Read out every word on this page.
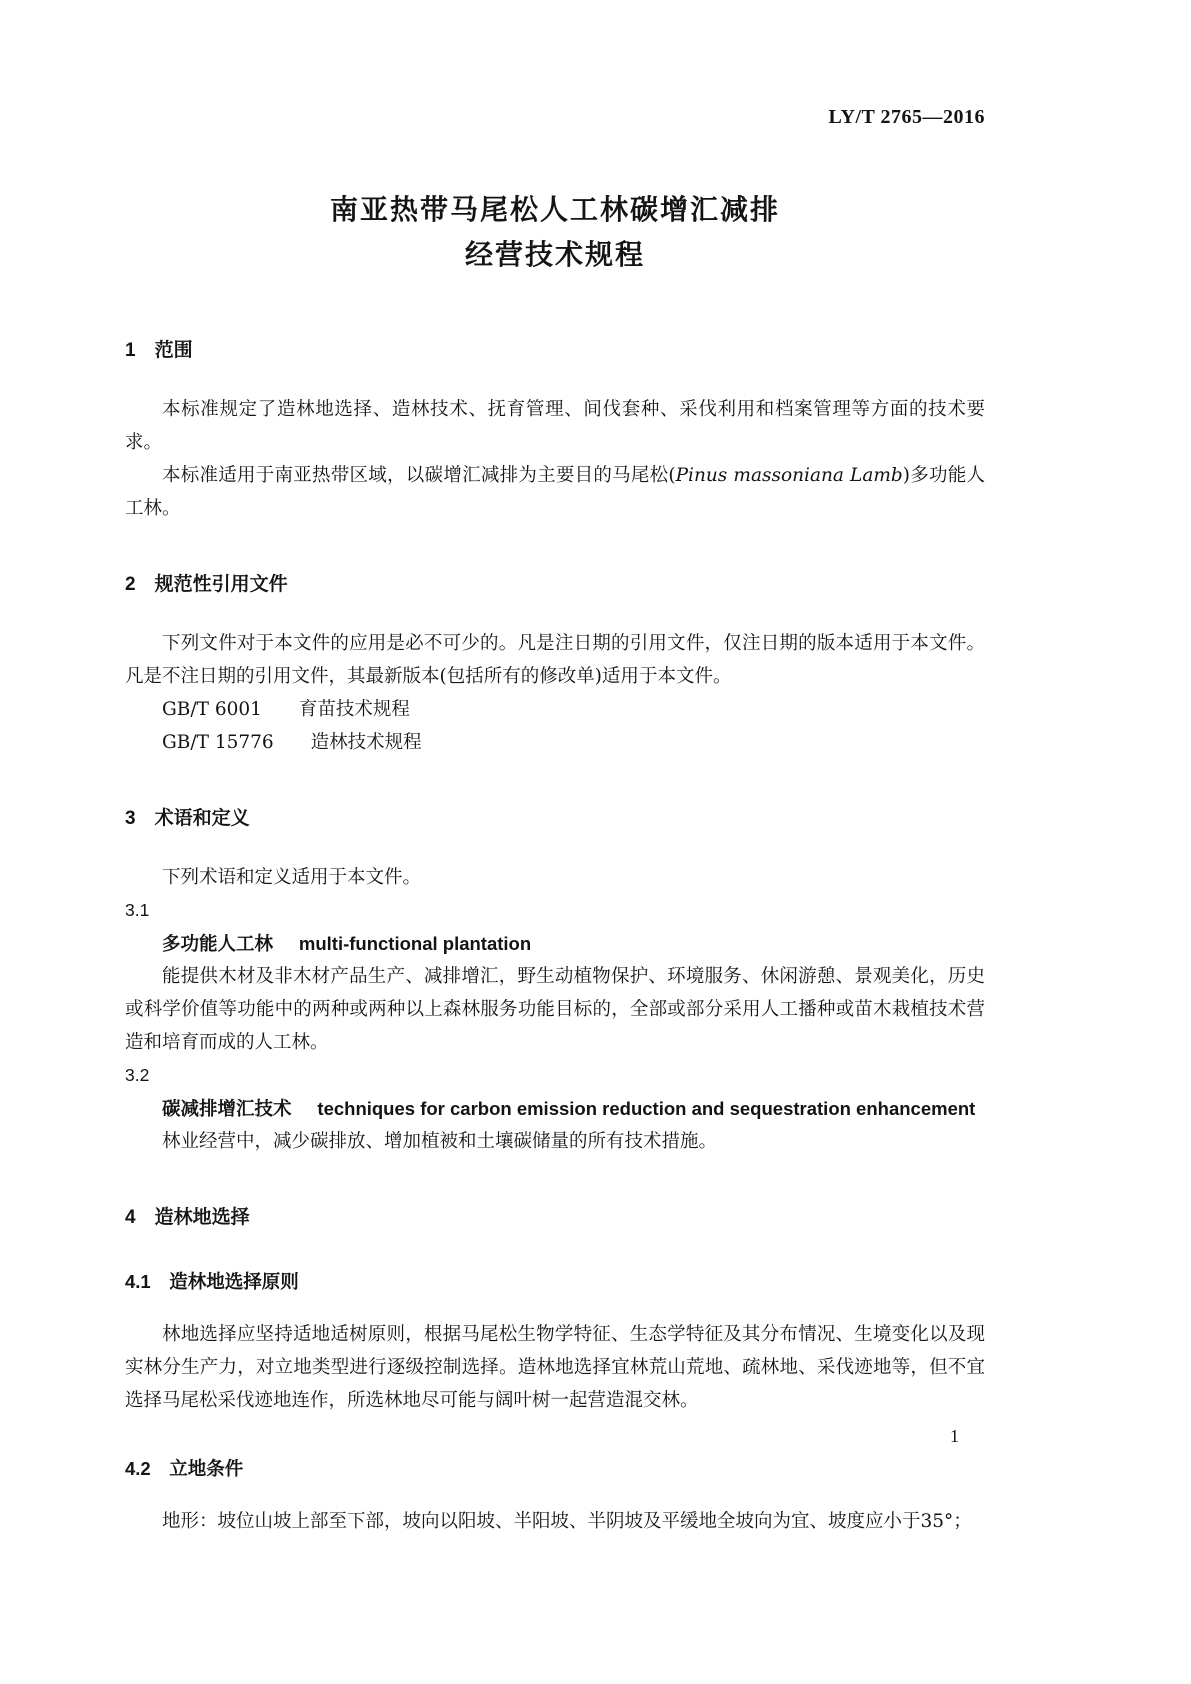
LY/T 2765—2016
南亚热带马尾松人工林碳增汇减排
经营技术规程
1　范围

本标准规定了造林地选择、造林技术、抚育管理、间伐套种、采伐利用和档案管理等方面的技术要求。

本标准适用于南亚热带区域，以碳增汇减排为主要目的马尾松(Pinus massoniana Lamb)多功能人工林。

2　规范性引用文件

下列文件对于本文件的应用是必不可少的。凡是注日期的引用文件，仅注日期的版本适用于本文件。凡是不注日期的引用文件，其最新版本(包括所有的修改单)适用于本文件。

GB/T 6001　　育苗技术规程

GB/T 15776　　造林技术规程

3　术语和定义

下列术语和定义适用于本文件。

3.1

多功能人工林 multi-functional plantation

能提供木材及非木材产品生产、减排增汇，野生动植物保护、环境服务、休闲游憩、景观美化，历史或科学价值等功能中的两种或两种以上森林服务功能目标的，全部或部分采用人工播种或苗木栽植技术营造和培育而成的人工林。

3.2

碳减排增汇技术 techniques for carbon emission reduction and sequestration enhancement

林业经营中，减少碳排放、增加植被和土壤碳储量的所有技术措施。

4　造林地选择
4.1　造林地选择原则

林地选择应坚持适地适树原则，根据马尾松生物学特征、生态学特征及其分布情况、生境变化以及现实林分生产力，对立地类型进行逐级控制选择。造林地选择宜林荒山荒地、疏林地、采伐迹地等，但不宜选择马尾松采伐迹地连作，所选林地尽可能与阔叶树一起营造混交林。

4.2　立地条件

地形：坡位山坡上部至下部，坡向以阳坡、半阳坡、半阴坡及平缓地全坡向为宜、坡度应小于35°；

1
